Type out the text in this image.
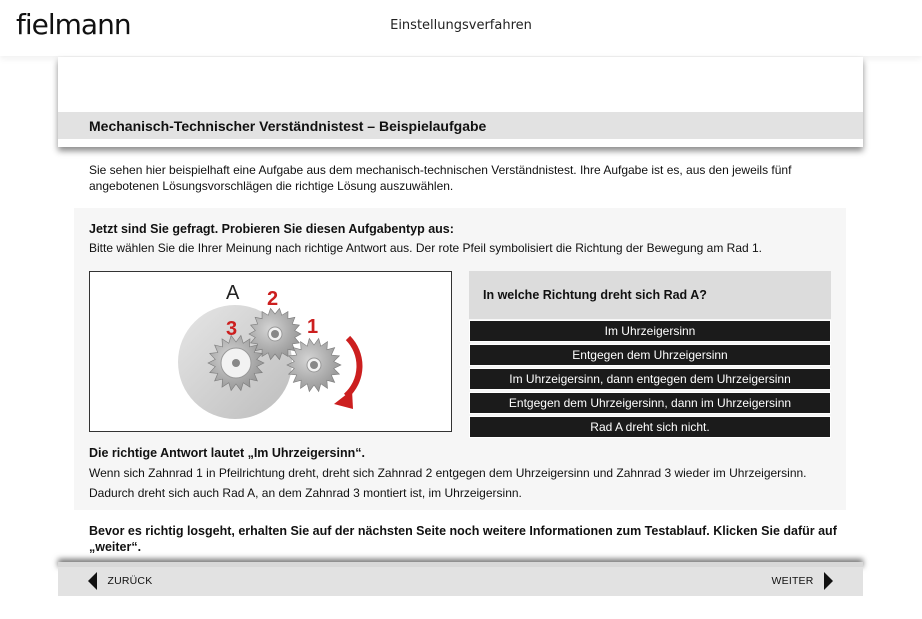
fielmann	Einstellungsverfahren
Mechanisch-Technischer Verständnistest – Beispielaufgabe
Sie sehen hier beispielhaft eine Aufgabe aus dem mechanisch-technischen Verständnistest. Ihre Aufgabe ist es, aus den jeweils fünf angebotenen Lösungsvorschlägen die richtige Lösung auszuwählen.
Jetzt sind Sie gefragt. Probieren Sie diesen Aufgabentyp aus:
Bitte wählen Sie die Ihrer Meinung nach richtige Antwort aus. Der rote Pfeil symbolisiert die Richtung der Bewegung am Rad 1.
A 2
1
3
In welche Richtung dreht sich Rad A?
Im Uhrzeigersinn
Entgegen dem Uhrzeigersinn
Im Uhrzeigersinn, dann entgegen dem Uhrzeigersinn
Entgegen dem Uhrzeigersinn, dann im Uhrzeigersinn
Rad A dreht sich nicht.
Die richtige Antwort lautet „Im Uhrzeigersinn“.
Wenn sich Zahnrad 1 in Pfeilrichtung dreht, dreht sich Zahnrad 2 entgegen dem Uhrzeigersinn und Zahnrad 3 wieder im Uhrzeigersinn. Dadurch dreht sich auch Rad A, an dem Zahnrad 3 montiert ist, im Uhrzeigersinn.
Bevor es richtig losgeht, erhalten Sie auf der nächsten Seite noch weitere Informationen zum Testablauf. Klicken Sie dafür auf „weiter“.
ZURÜCK	WEITER
